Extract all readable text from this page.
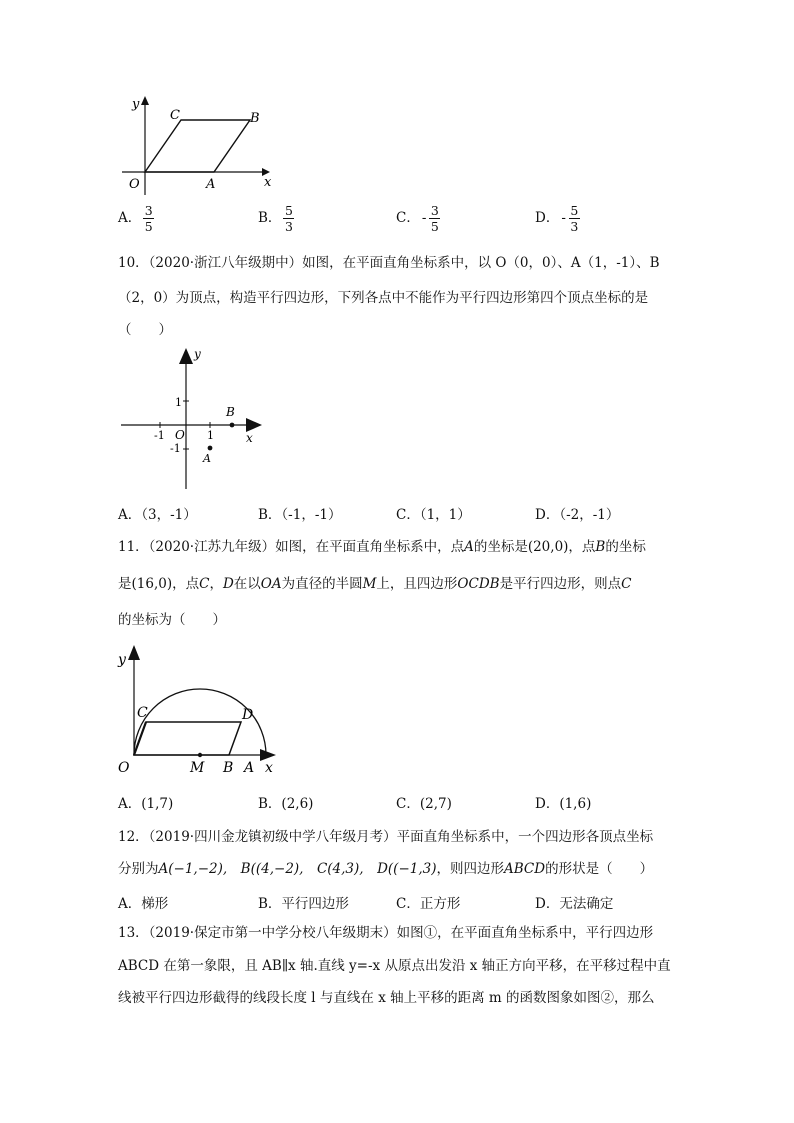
y
C	B
O	A	x
A． $\frac{3}{5}$	B． $\frac{5}{3}$	C． - $\frac{3}{5}$	D． - $\frac{5}{3}$
10．（2020·浙江八年级期中）如图，在平面直角坐标系中，以 O（0，0）、A（1，-1）、B
（2，0）为顶点，构造平行四边形，下列各点中不能作为平行四边形第四个顶点坐标的是
（　　）
y
1
-1 O 1
-1
A
B
x
A．（3，-1）	B．（-1，-1）	C．（1，1）	D．（-2，-1）
11．（2020·江苏九年级）如图，在平面直角坐标系中，点A的坐标是(20,0)，点B的坐标
是(16,0)，点C，D在以OA为直径的半圆M上，且四边形OCDB是平行四边形，则点C
的坐标为（　　）
y
C	D
O	M B A x
A．(1,7)	B．(2,6)	C．(2,7)	D．(1,6)
12．（2019·四川金龙镇初级中学八年级月考）平面直角坐标系中，一个四边形各顶点坐标
分别为A(−1,−2),　B((4,−2),　C(4,3),　D((−1,3)，则四边形ABCD的形状是（　　）
A．梯形	B．平行四边形	C．正方形	D．无法确定
13．（2019·保定市第一中学分校八年级期末）如图①，在平面直角坐标系中，平行四边形
ABCD 在第一象限，且 AB∥x 轴.直线 y=-x 从原点出发沿 x 轴正方向平移，在平移过程中直
线被平行四边形截得的线段长度 l 与直线在 x 轴上平移的距离 m 的函数图象如图②，那么
